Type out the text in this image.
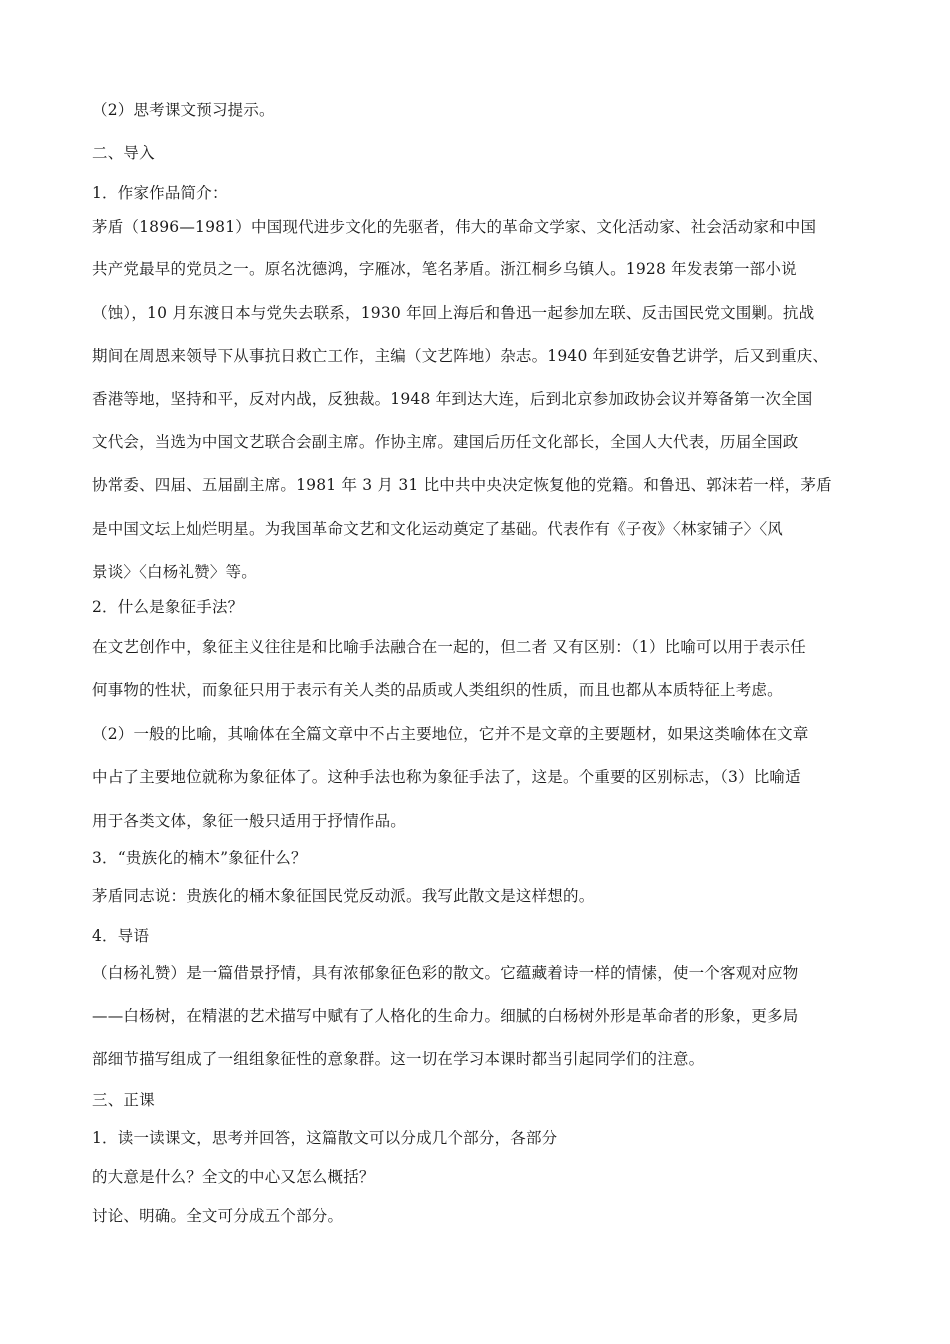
（2）思考课文预习提示。
二、导入
1．作家作品简介：
茅盾（1896—1981）中国现代进步文化的先驱者，伟大的革命文学家、文化活动家、社会活动家和中国
共产党最早的党员之一。原名沈德鸿，字雁冰，笔名茅盾。浙江桐乡乌镇人。1928 年发表第一部小说
（蚀），10 月东渡日本与党失去联系，1930 年回上海后和鲁迅一起参加左联、反击国民党文围剿。抗战
期间在周恩来领导下从事抗日救亡工作，主编（文艺阵地）杂志。1940 年到延安鲁艺讲学，后又到重庆、
香港等地，坚持和平，反对内战，反独裁。1948 年到达大连，后到北京参加政协会议并筹备第一次全国
文代会，当选为中国文艺联合会副主席。作协主席。建国后历任文化部长，全国人大代表，历届全国政
协常委、四届、五届副主席。1981 年 3 月 31 比中共中央决定恢复他的党籍。和鲁迅、郭沫若一样，茅盾
是中国文坛上灿烂明星。为我国革命文艺和文化运动奠定了基础。代表作有《子夜》〈林家铺子〉〈风
景谈〉〈白杨礼赞〉等。
2．什么是象征手法？
在文艺创作中，象征主义往往是和比喻手法融合在一起的，但二者 又有区别：（1）比喻可以用于表示任
何事物的性状，而象征只用于表示有关人类的品质或人类组织的性质，而且也都从本质特征上考虑。
（2）一般的比喻，其喻体在全篇文章中不占主要地位，它并不是文章的主要题材，如果这类喻体在文章
中占了主要地位就称为象征体了。这种手法也称为象征手法了，这是。个重要的区别标志，（3）比喻适
用于各类文体，象征一般只适用于抒情作品。
3．“贵族化的楠木”象征什么？
茅盾同志说：贵族化的桶木象征国民党反动派。我写此散文是这样想的。
4．导语
（白杨礼赞）是一篇借景抒情，具有浓郁象征色彩的散文。它蕴藏着诗一样的情愫，使一个客观对应物
——白杨树，在精湛的艺术描写中赋有了人格化的生命力。细腻的白杨树外形是革命者的形象，更多局
部细节描写组成了一组组象征性的意象群。这一切在学习本课时都当引起同学们的注意。
三、正课
1．读一读课文，思考并回答，这篇散文可以分成几个部分，各部分
的大意是什么？全文的中心又怎么概括？
讨论、明确。全文可分成五个部分。
